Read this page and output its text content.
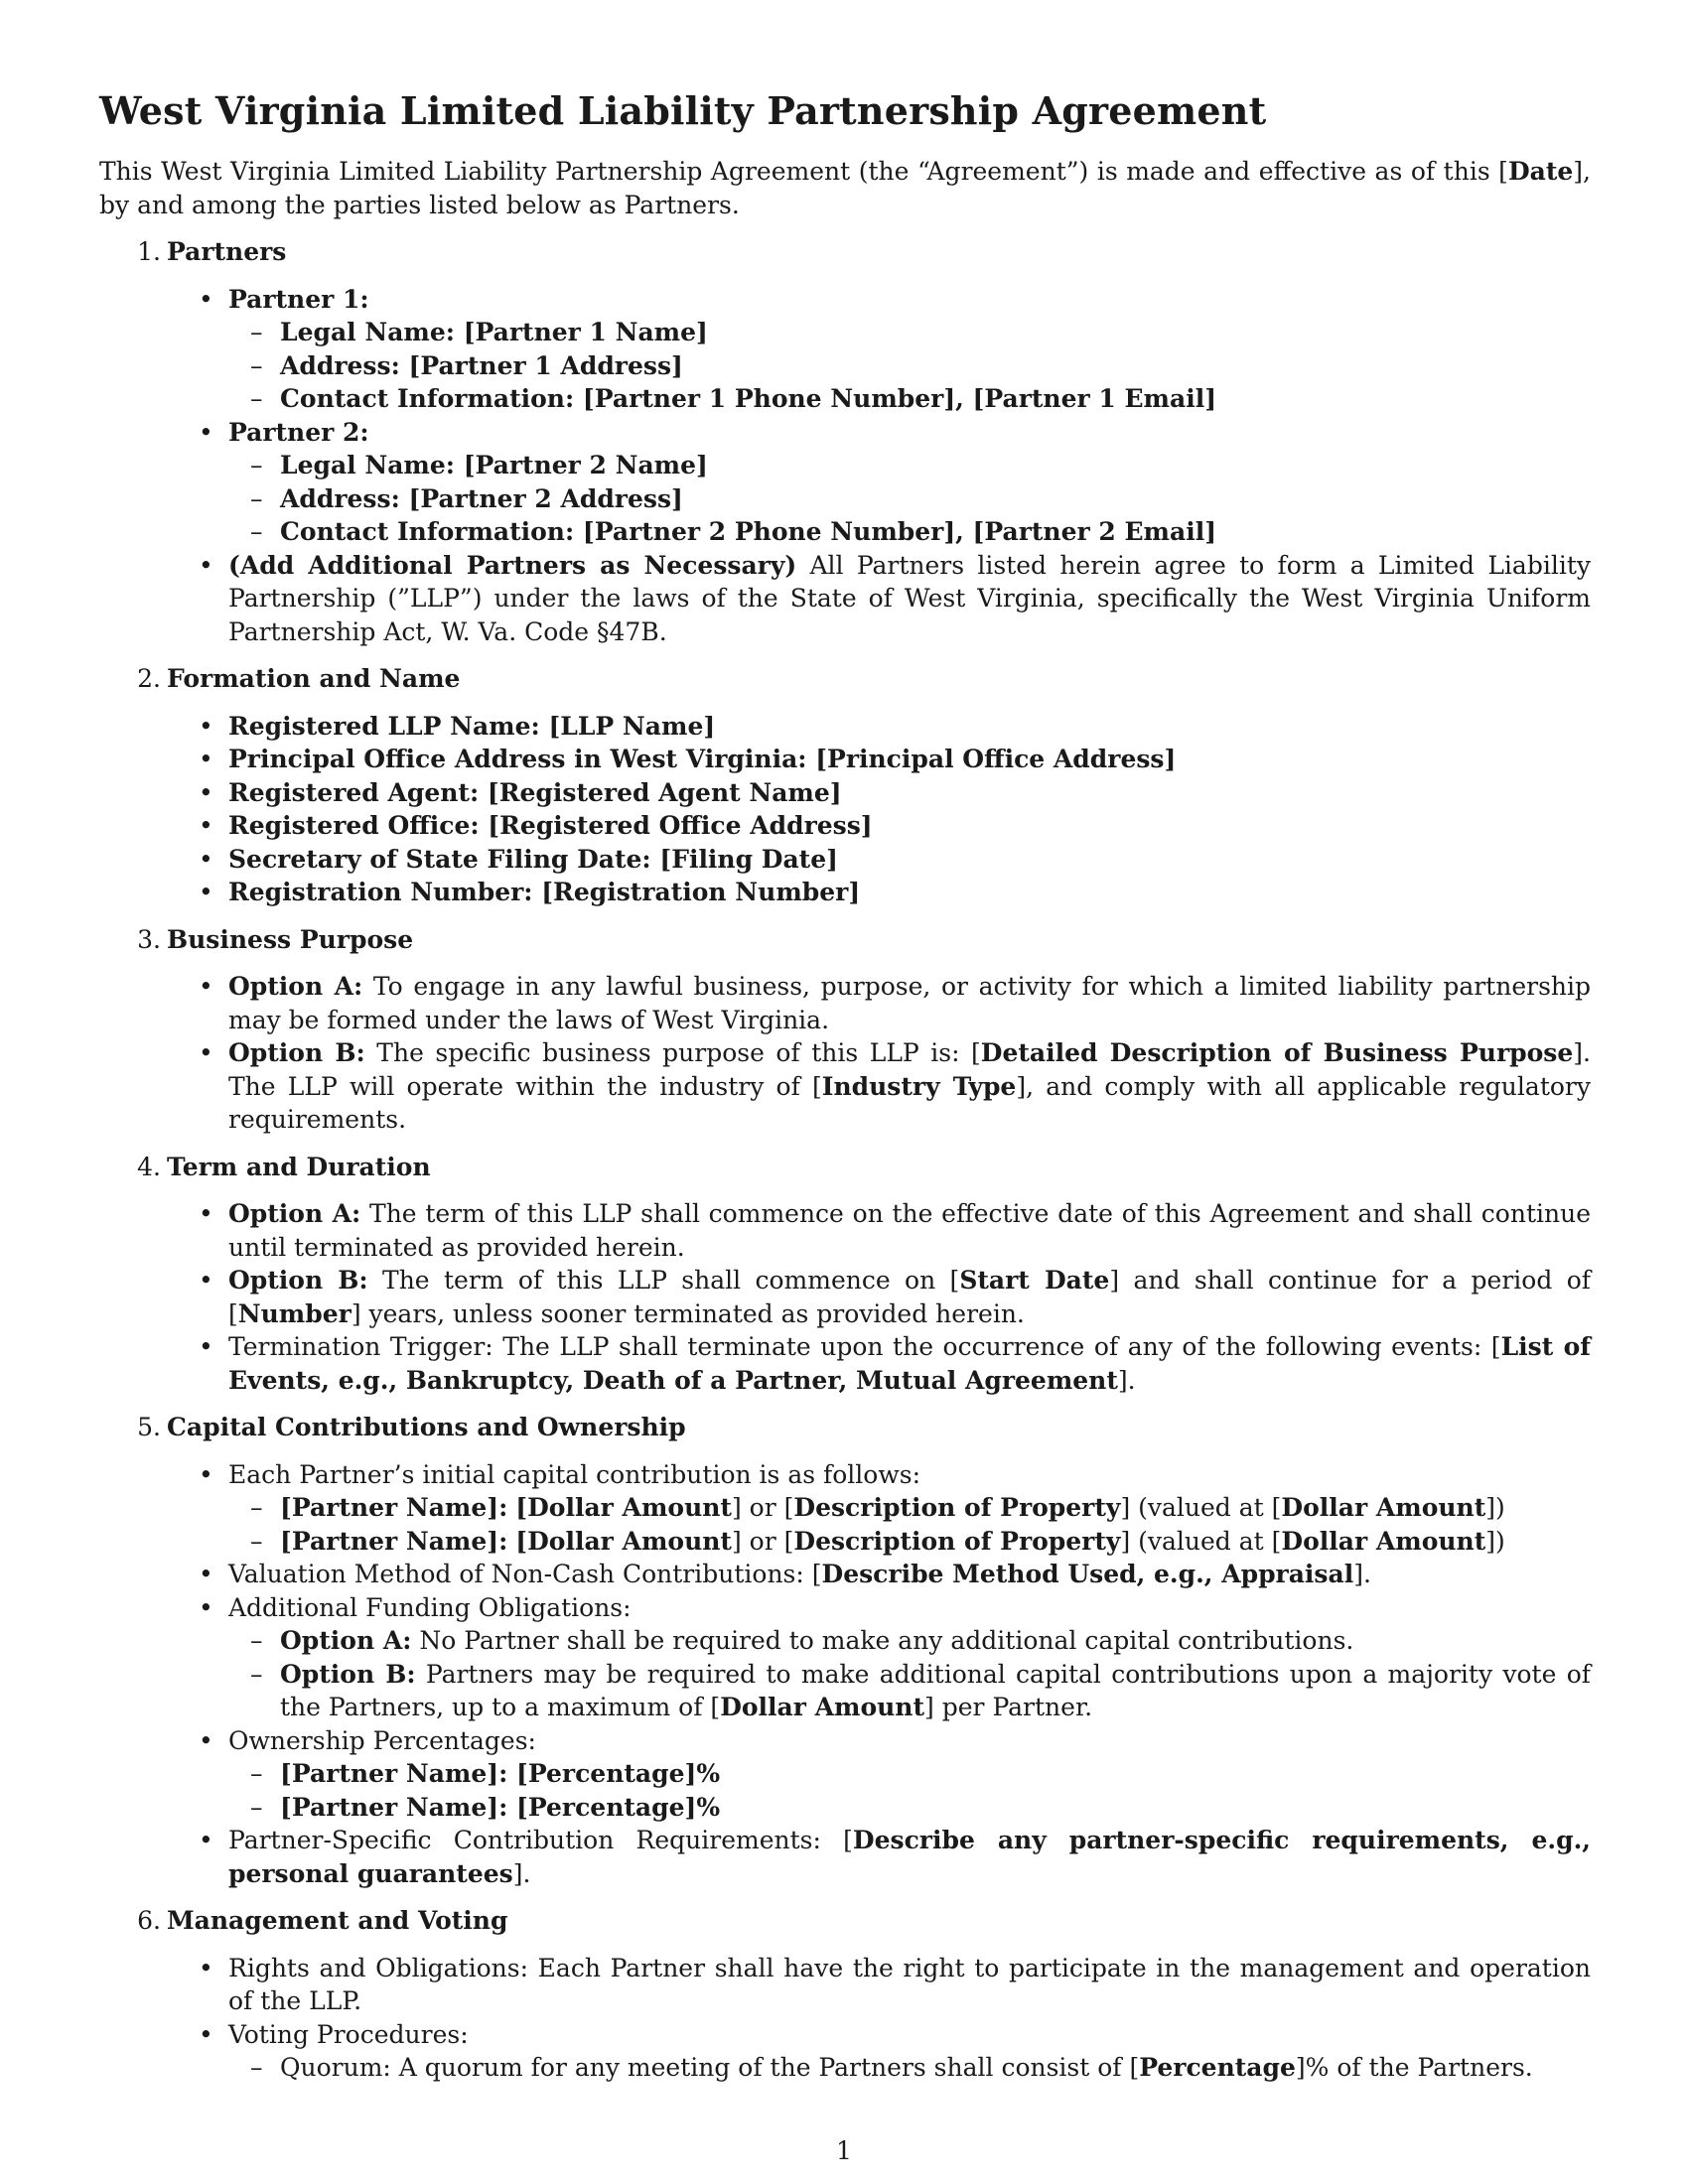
West Virginia Limited Liability Partnership Agreement

This West Virginia Limited Liability Partnership Agreement (the “Agreement”) is made and effective as of this [Date], by and among the parties listed below as Partners.

1. Partners
• Partner 1:
– Legal Name: [Partner 1 Name]
– Address: [Partner 1 Address]
– Contact Information: [Partner 1 Phone Number], [Partner 1 Email]
• Partner 2:
– Legal Name: [Partner 2 Name]
– Address: [Partner 2 Address]
– Contact Information: [Partner 2 Phone Number], [Partner 2 Email]
• (Add Additional Partners as Necessary) All Partners listed herein agree to form a Limited Liability Partnership (”LLP”) under the laws of the State of West Virginia, specifically the West Virginia Uniform Partnership Act, W. Va. Code §47B.
2. Formation and Name
• Registered LLP Name: [LLP Name]
• Principal Office Address in West Virginia: [Principal Office Address]
• Registered Agent: [Registered Agent Name]
• Registered Office: [Registered Office Address]
• Secretary of State Filing Date: [Filing Date]
• Registration Number: [Registration Number]
3. Business Purpose
• Option A: To engage in any lawful business, purpose, or activity for which a limited liability partnership may be formed under the laws of West Virginia.
• Option B: The specific business purpose of this LLP is: [Detailed Description of Business Purpose]. The LLP will operate within the industry of [Industry Type], and comply with all applicable regulatory requirements.
4. Term and Duration
• Option A: The term of this LLP shall commence on the effective date of this Agreement and shall continue until terminated as provided herein.
• Option B: The term of this LLP shall commence on [Start Date] and shall continue for a period of [Number] years, unless sooner terminated as provided herein.
• Termination Trigger: The LLP shall terminate upon the occurrence of any of the following events: [List of Events, e.g., Bankruptcy, Death of a Partner, Mutual Agreement].
5. Capital Contributions and Ownership
• Each Partner’s initial capital contribution is as follows:
– [Partner Name]: [Dollar Amount] or [Description of Property] (valued at [Dollar Amount])
– [Partner Name]: [Dollar Amount] or [Description of Property] (valued at [Dollar Amount])
• Valuation Method of Non-Cash Contributions: [Describe Method Used, e.g., Appraisal].
• Additional Funding Obligations:
– Option A: No Partner shall be required to make any additional capital contributions.
– Option B: Partners may be required to make additional capital contributions upon a majority vote of the Partners, up to a maximum of [Dollar Amount] per Partner.
• Ownership Percentages:
– [Partner Name]: [Percentage]%
– [Partner Name]: [Percentage]%
• Partner-Specific Contribution Requirements: [Describe any partner-specific requirements, e.g., personal guarantees].
6. Management and Voting
• Rights and Obligations: Each Partner shall have the right to participate in the management and operation of the LLP.
• Voting Procedures:
– Quorum: A quorum for any meeting of the Partners shall consist of [Percentage]% of the Partners.
1
